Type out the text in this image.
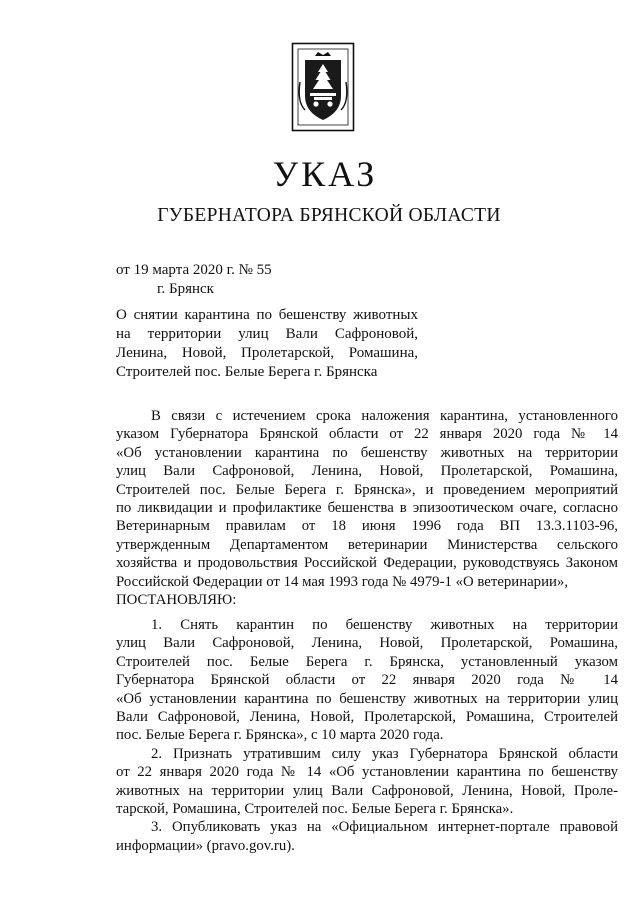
УКАЗ
ГУБЕРНАТОРА БРЯНСКОЙ ОБЛАСТИ
от 19 марта 2020 г. № 55
г. Брянск
О снятии карантина по бешенству животных
на территории улиц Вали Сафроновой,
Ленина, Новой, Пролетарской, Ромашина,
Строителей пос. Белые Берега г. Брянска
В связи с истечением срока наложения карантина, установленного
указом Губернатора Брянской области от 22 января 2020 года № 14
«Об установлении карантина по бешенству животных на территории
улиц Вали Сафроновой, Ленина, Новой, Пролетарской, Ромашина,
Строителей пос. Белые Берега г. Брянска», и проведением мероприятий
по ликвидации и профилактике бешенства в эпизоотическом очаге, согласно
Ветеринарным правилам от 18 июня 1996 года ВП 13.3.1103-96,
утвержденным Департаментом ветеринарии Министерства сельского
хозяйства и продовольствия Российской Федерации, руководствуясь Законом
Российской Федерации от 14 мая 1993 года № 4979-1 «О ветеринарии»,
ПОСТАНОВЛЯЮ:
1. Снять карантин по бешенству животных на территории
улиц Вали Сафроновой, Ленина, Новой, Пролетарской, Ромашина,
Строителей пос. Белые Берега г. Брянска, установленный указом
Губернатора Брянской области от 22 января 2020 года № 14
«Об установлении карантина по бешенству животных на территории улиц
Вали Сафроновой, Ленина, Новой, Пролетарской, Ромашина, Строителей
пос. Белые Берега г. Брянска», с 10 марта 2020 года.
2. Признать утратившим силу указ Губернатора Брянской области
от 22 января 2020 года № 14 «Об установлении карантина по бешенству
животных на территории улиц Вали Сафроновой, Ленина, Новой, Проле-
тарской, Ромашина, Строителей пос. Белые Берега г. Брянска».
3. Опубликовать указ на «Официальном интернет-портале правовой
информации» (pravo.gov.ru).
